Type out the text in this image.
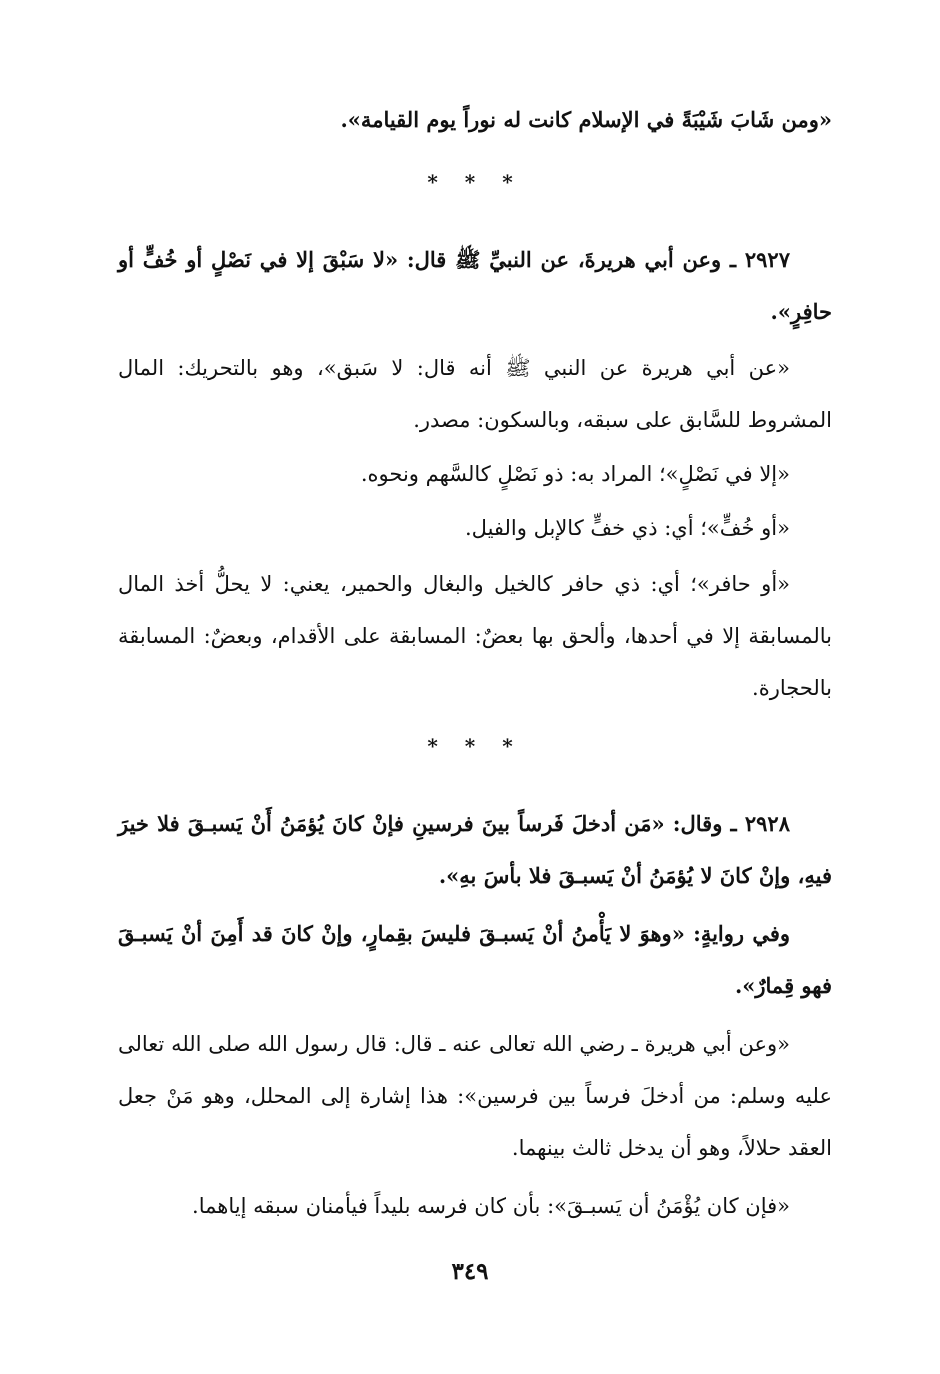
«ومن شَابَ شَيْبَةً في الإسلام كانت له نوراً يوم القيامة».

* * *

٢٩٢٧ ـ وعن أبي هريرةَ، عن النبيِّ ﷺ قال: «لا سَبْقَ إلا في نَصْلٍ أو خُفٍّ أو حافِرٍ».

«عن أبي هريرة عن النبي ﷺ أنه قال: لا سَبق»، وهو بالتحريك: المال المشروط للسَّابق على سبقه، وبالسكون: مصدر.

«إلا في نَصْلٍ»؛ المراد به: ذو نَصْلٍ كالسَّهم ونحوه.

«أو خُفٍّ»؛ أي: ذي خفٍّ كالإبل والفيل.

«أو حافر»؛ أي: ذي حافر كالخيل والبغال والحمير، يعني: لا يحلُّ أخذ المال بالمسابقة إلا في أحدها، وألحق بها بعضٌ: المسابقة على الأقدام، وبعضٌ: المسابقة بالحجارة.

* * *

٢٩٢٨ ـ وقال: «مَن أدخلَ فَرساً بينَ فرسينِ فإنْ كانَ يُؤمَنُ أَنْ يَسبـقَ فلا خيرَ فيهِ، وإنْ كانَ لا يُؤمَنُ أنْ يَسبـقَ فلا بأسَ بهِ».

وفي روايةٍ: «وهوَ لا يَأْمنُ أنْ يَسبـقَ فليسَ بقِمارٍ، وإنْ كانَ قد أَمِنَ أنْ يَسبـقَ فهو قِمارٌ».

«وعن أبي هريرة ـ رضي الله تعالى عنه ـ قال: قال رسول الله صلى الله تعالى عليه وسلم: من أدخلَ فرساً بين فرسين»: هذا إشارة إلى المحلل، وهو مَنْ جعل العقد حلالاً، وهو أن يدخل ثالث بينهما.

«فإن كان يُؤْمَنُ أن يَسبـقَ»: بأن كان فرسه بليداً فيأمنان سبقه إياهما.

٣٤٩
